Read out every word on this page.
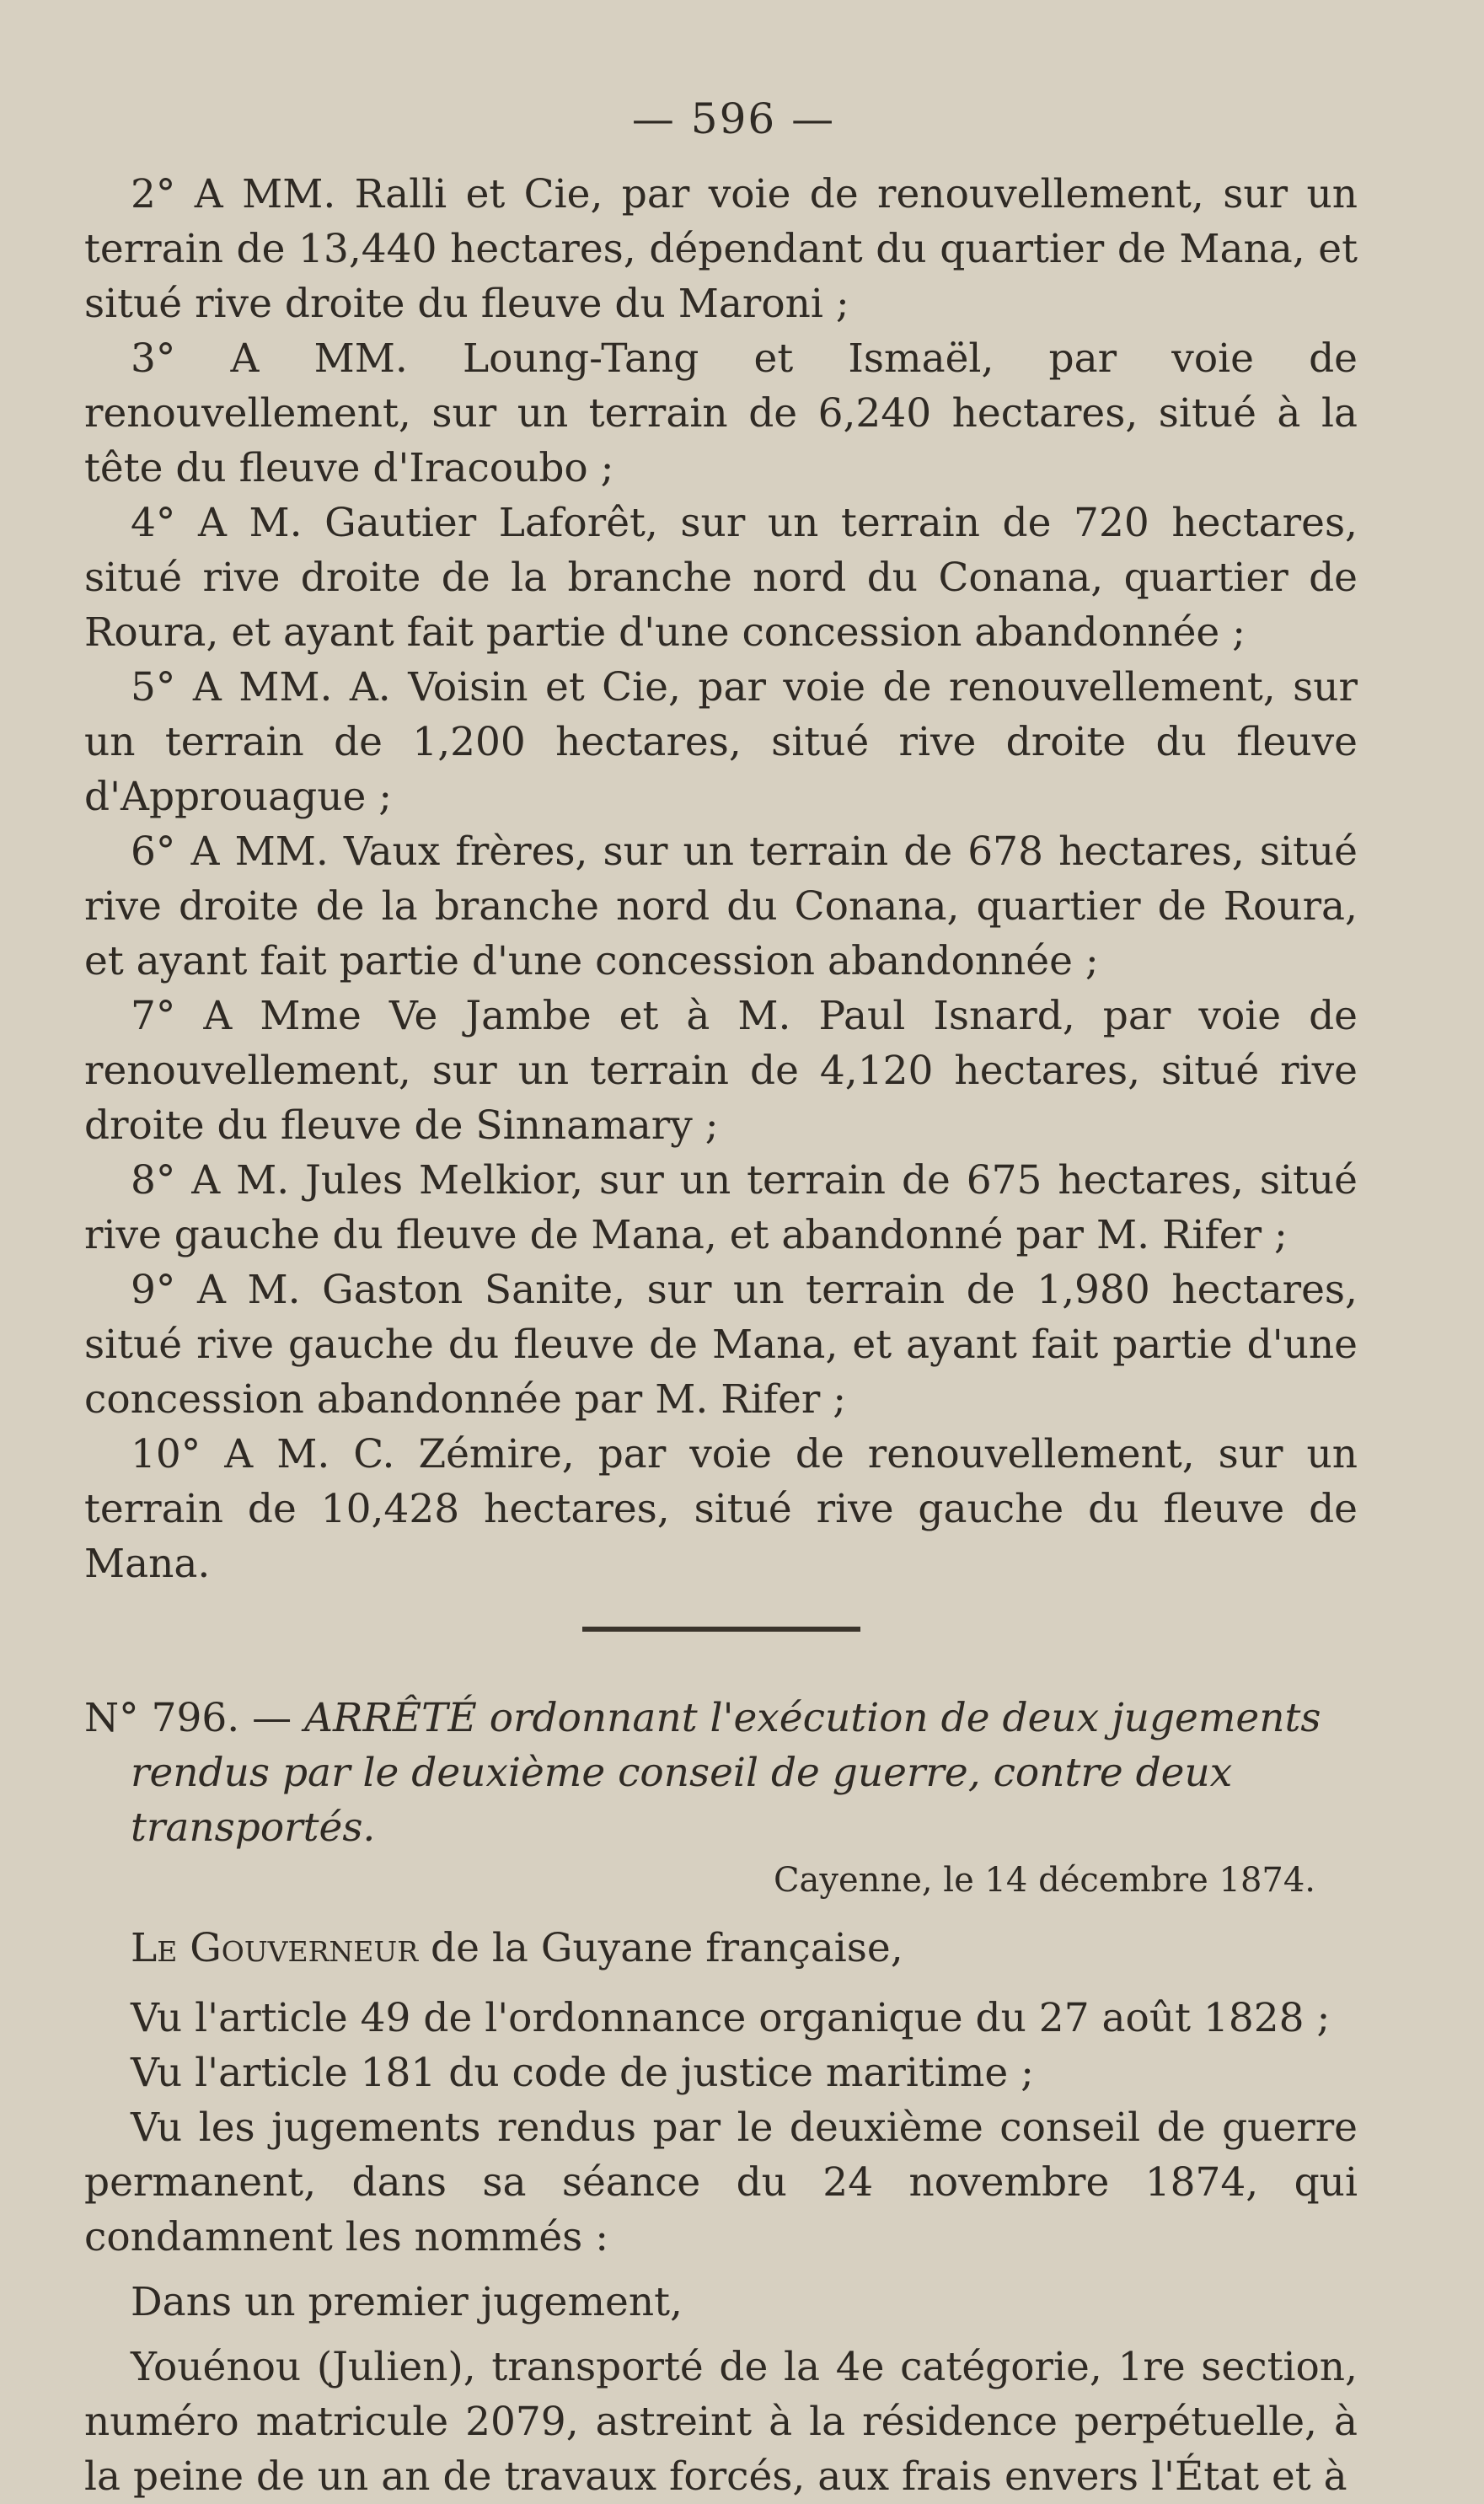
— 596 —

2° A MM. Ralli et Cie, par voie de renouvellement, sur un terrain de 13,440 hectares, dépendant du quartier de Mana, et situé rive droite du fleuve du Maroni ;

3° A MM. Loung-Tang et Ismaël, par voie de renouvellement, sur un terrain de 6,240 hectares, situé à la tête du fleuve d'Iracoubo ;

4° A M. Gautier Laforêt, sur un terrain de 720 hectares, situé rive droite de la branche nord du Conana, quartier de Roura, et ayant fait partie d'une concession abandonnée ;

5° A MM. A. Voisin et Cie, par voie de renouvellement, sur un terrain de 1,200 hectares, situé rive droite du fleuve d'Approuague ;

6° A MM. Vaux frères, sur un terrain de 678 hectares, situé rive droite de la branche nord du Conana, quartier de Roura, et ayant fait partie d'une concession abandonnée ;

7° A Mme Ve Jambe et à M. Paul Isnard, par voie de renouvellement, sur un terrain de 4,120 hectares, situé rive droite du fleuve de Sinnamary ;

8° A M. Jules Melkior, sur un terrain de 675 hectares, situé rive gauche du fleuve de Mana, et abandonné par M. Rifer ;

9° A M. Gaston Sanite, sur un terrain de 1,980 hectares, situé rive gauche du fleuve de Mana, et ayant fait partie d'une concession abandonnée par M. Rifer ;

10° A M. C. Zémire, par voie de renouvellement, sur un terrain de 10,428 hectares, situé rive gauche du fleuve de Mana.

N° 796. — ARRÊTÉ ordonnant l'exécution de deux jugements rendus par le deuxième conseil de guerre, contre deux transportés.

Cayenne, le 14 décembre 1874.

Le Gouverneur de la Guyane française,

Vu l'article 49 de l'ordonnance organique du 27 août 1828 ;

Vu l'article 181 du code de justice maritime ;

Vu les jugements rendus par le deuxième conseil de guerre permanent, dans sa séance du 24 novembre 1874, qui condamnent les nommés :

Dans un premier jugement,

Youénou (Julien), transporté de la 4e catégorie, 1re section, numéro matricule 2079, astreint à la résidence perpétuelle, à la peine de un an de travaux forcés, aux frais envers l'État et à
